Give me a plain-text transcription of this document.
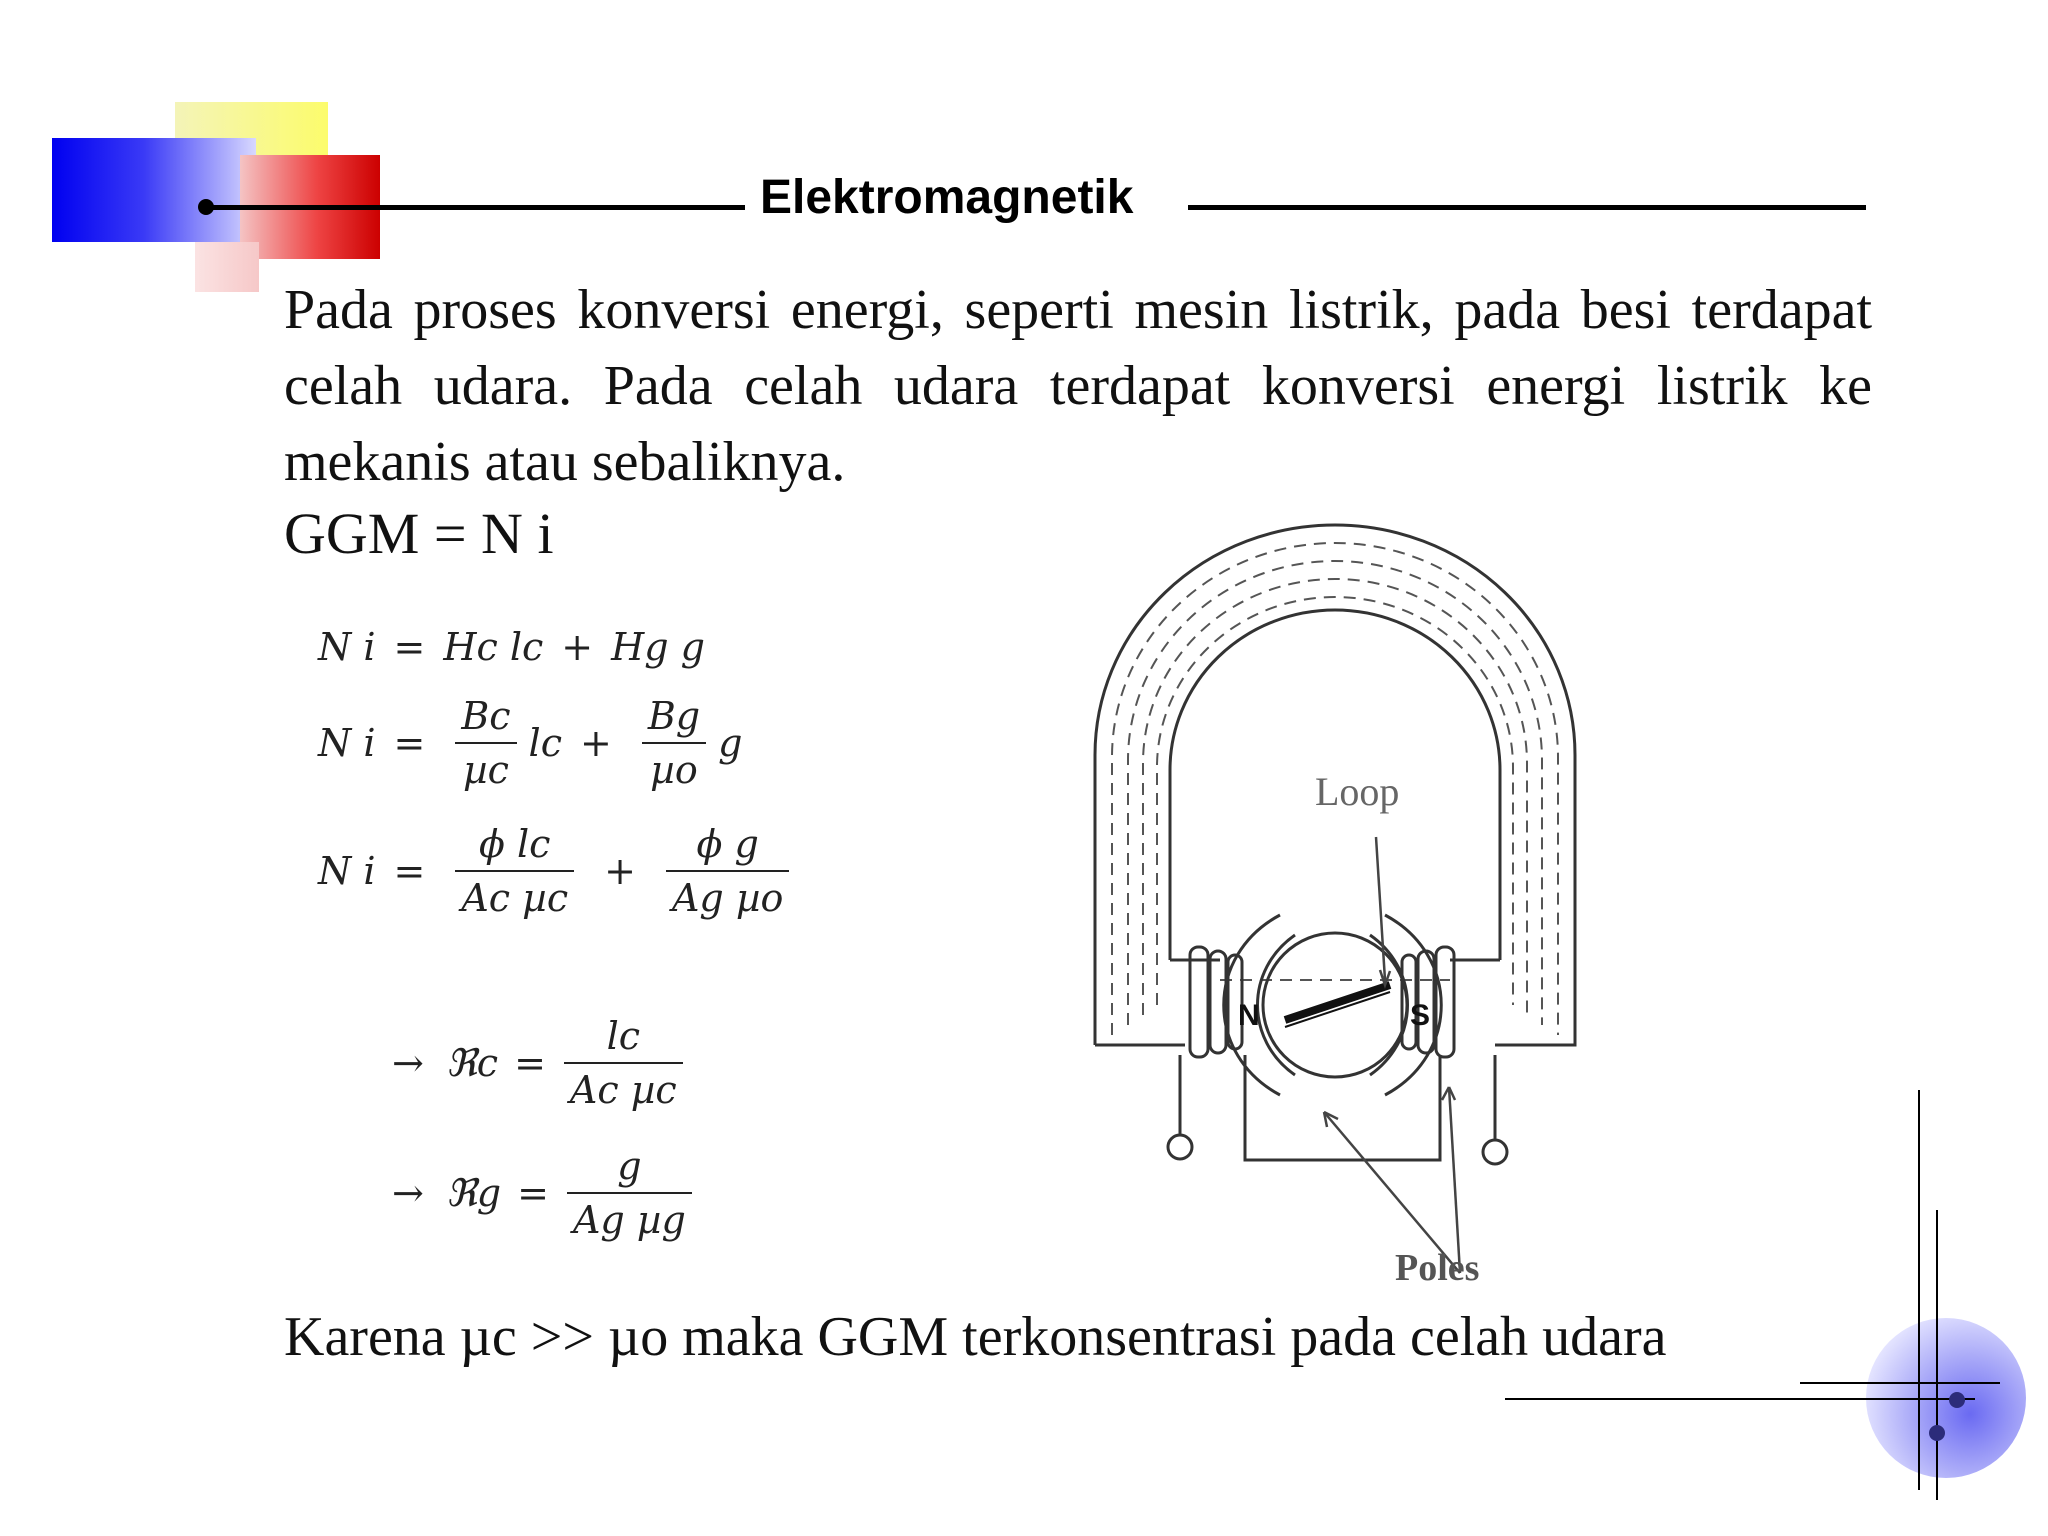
Elektromagnetik
Pada proses konversi energi, seperti mesin listrik, pada besi terdapat celah udara. Pada celah udara terdapat konversi energi listrik ke mekanis atau sebaliknya.
GGM = N i
N i = Hc lc + Hg g
N $i = \frac{Bc}{\text{µc}}$ lc + $\frac{Bg}{\text{µo}}$ g
N $i = \frac{\text{ϕ lc}}{\text{Ac µc}} + \frac{\text{ϕ g}}{\text{Ag µo}}$
→ ℜc = $\frac{lc}{\text{Ac µc}}$
→ ℜg = $\frac{g}{\text{Ag µg}}$
Loop
Poles
N	S
Karena µc >> µo maka GGM terkonsentrasi pada celah udara
